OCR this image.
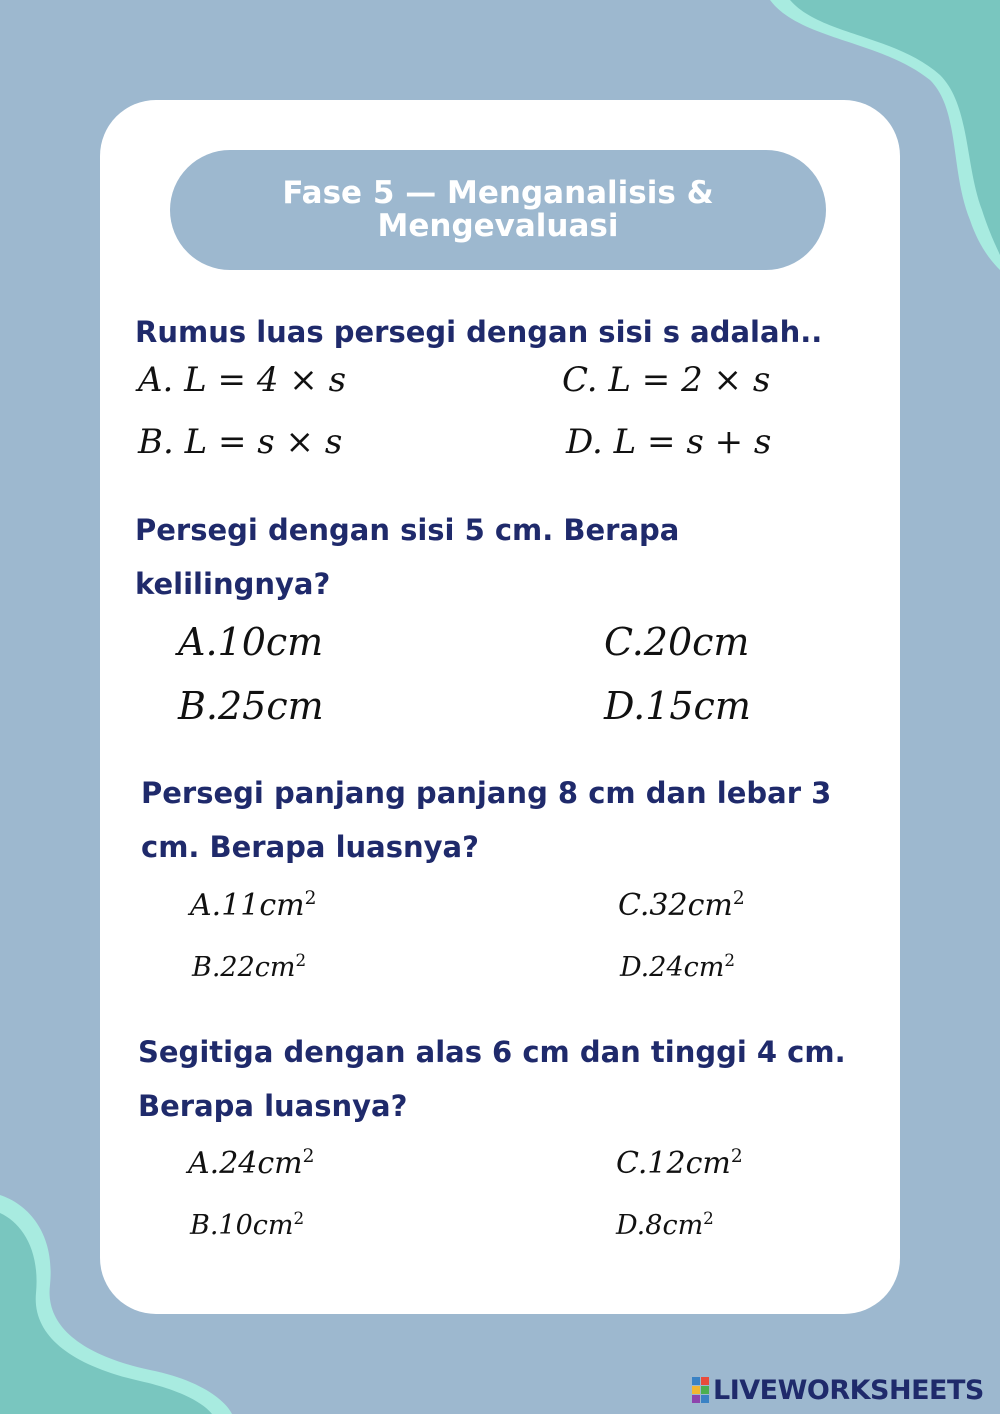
Fase 5 — Menganalisis & Mengevaluasi
Rumus luas persegi dengan sisi s adalah..
A. L = 4 × s
B. L = s × s
C. L = 2 × s
D. L = s + s
Persegi dengan sisi 5 cm. Berapa kelilingnya?
A.10cm
B.25cm
C.20cm
D.15cm
Persegi panjang panjang 8 cm dan lebar 3 cm. Berapa luasnya?
$A.11cm^2$
$B.22cm^2$
$C.32cm^2$
$D.24cm^2$
Segitiga dengan alas 6 cm dan tinggi 4 cm. Berapa luasnya?
$A.24cm^2$
$B.10cm^2$
$C.12cm^2$
$D.8cm^2$
LIVEWORKSHEETS
